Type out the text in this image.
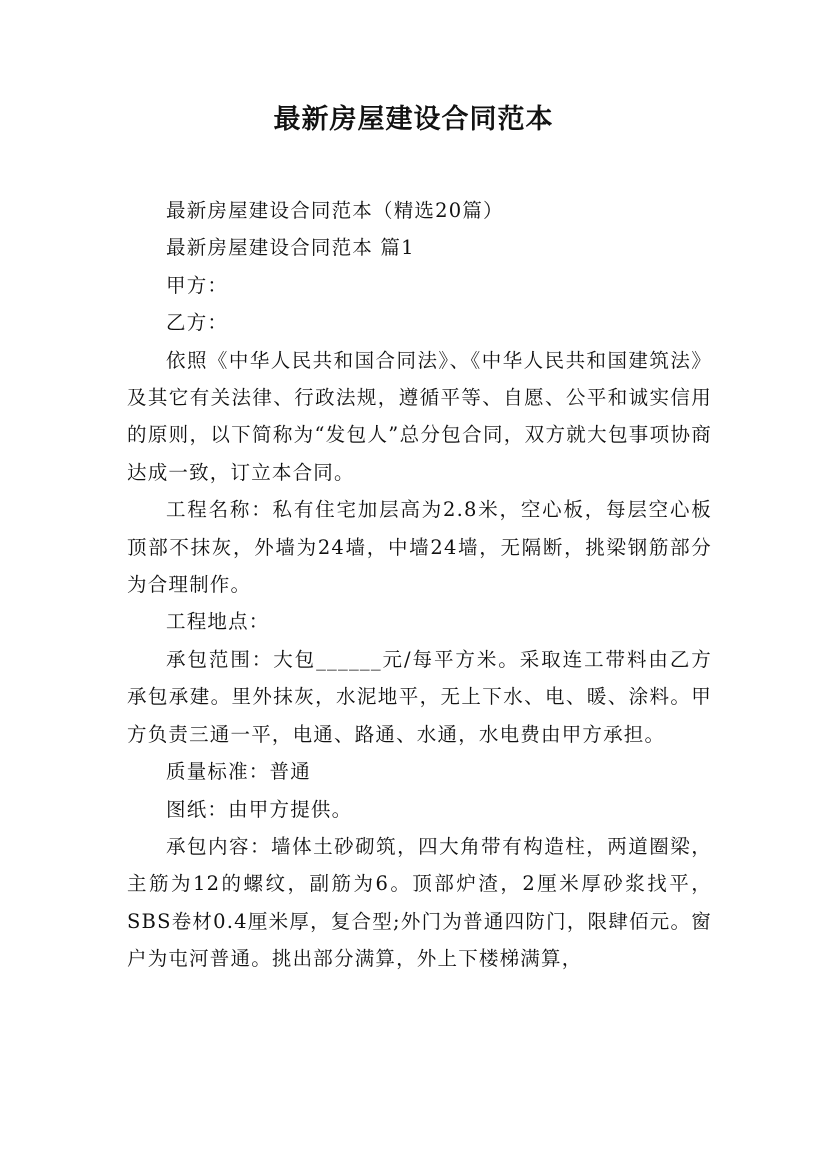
最新房屋建设合同范本

最新房屋建设合同范本（精选20篇）

最新房屋建设合同范本 篇1

甲方：

乙方：

依照《中华人民共和国合同法》、《中华人民共和国建筑法》及其它有关法律、行政法规，遵循平等、自愿、公平和诚实信用的原则，以下简称为“发包人”总分包合同，双方就大包事项协商达成一致，订立本合同。

工程名称：私有住宅加层高为2.8米，空心板，每层空心板顶部不抹灰，外墙为24墙，中墙24墙，无隔断，挑梁钢筋部分为合理制作。

工程地点：

承包范围：大包______元/每平方米。采取连工带料由乙方承包承建。里外抹灰，水泥地平，无上下水、电、暖、涂料。甲方负责三通一平，电通、路通、水通，水电费由甲方承担。

质量标准：普通

图纸：由甲方提供。

承包内容：墙体土砂砌筑，四大角带有构造柱，两道圈梁，主筋为12的螺纹，副筋为6。顶部炉渣，2厘米厚砂浆找平，SBS卷材0.4厘米厚，复合型;外门为普通四防门，限肆佰元。窗户为屯河普通。挑出部分满算，外上下楼梯满算，
